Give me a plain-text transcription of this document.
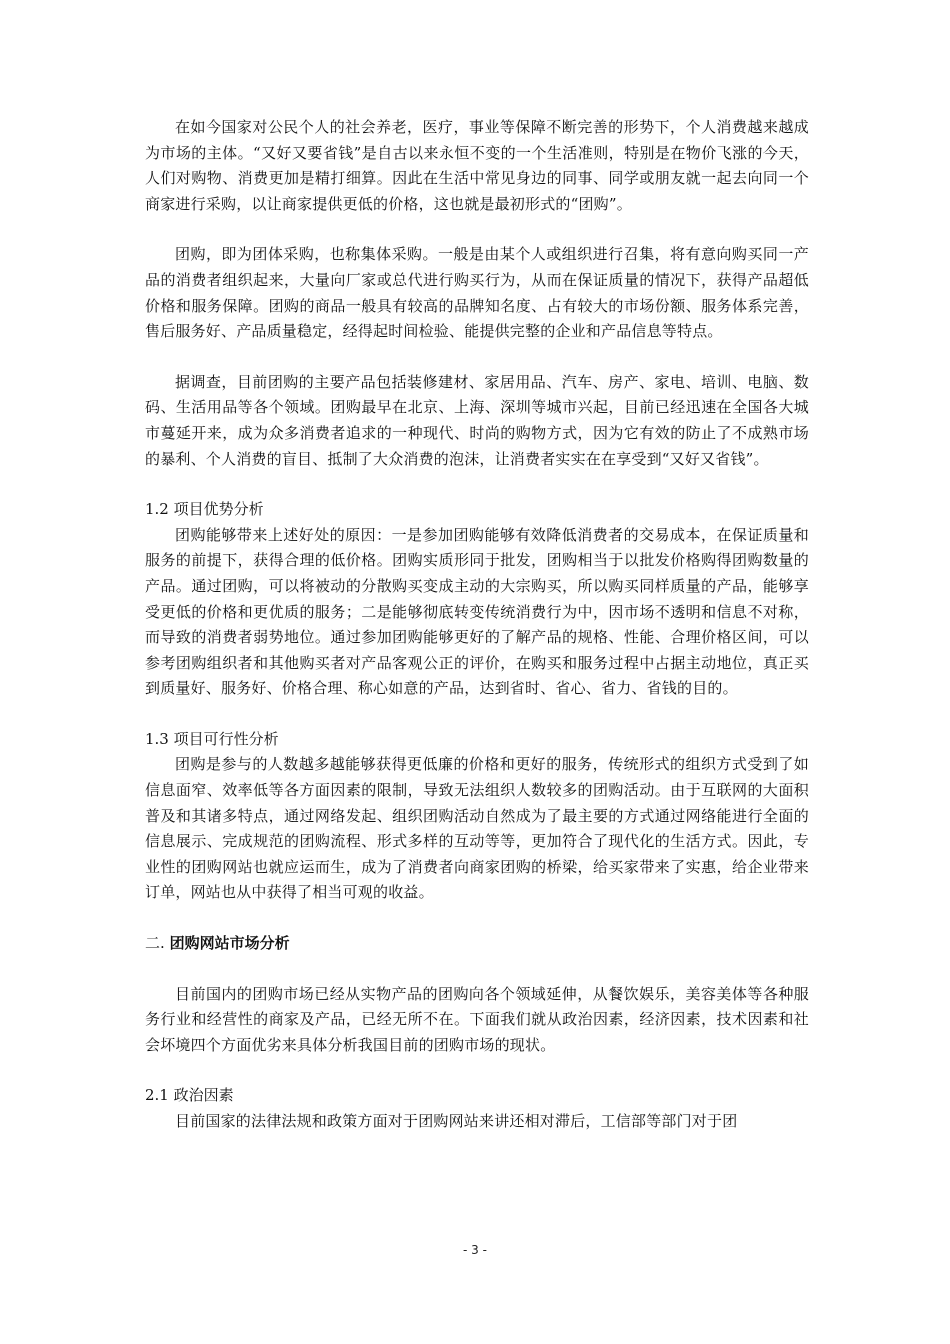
在如今国家对公民个人的社会养老，医疗，事业等保障不断完善的形势下，个人消费越来越成为市场的主体。“又好又要省钱”是自古以来永恒不变的一个生活准则，特别是在物价飞涨的今天，人们对购物、消费更加是精打细算。因此在生活中常见身边的同事、同学或朋友就一起去向同一个商家进行采购，以让商家提供更低的价格，这也就是最初形式的“团购”。

团购，即为团体采购，也称集体采购。一般是由某个人或组织进行召集，将有意向购买同一产品的消费者组织起来，大量向厂家或总代进行购买行为，从而在保证质量的情况下，获得产品超低价格和服务保障。团购的商品一般具有较高的品牌知名度、占有较大的市场份额、服务体系完善，售后服务好、产品质量稳定，经得起时间检验、能提供完整的企业和产品信息等特点。

据调查，目前团购的主要产品包括装修建材、家居用品、汽车、房产、家电、培训、电脑、数码、生活用品等各个领域。团购最早在北京、上海、深圳等城市兴起，目前已经迅速在全国各大城市蔓延开来，成为众多消费者追求的一种现代、时尚的购物方式，因为它有效的防止了不成熟市场的暴利、个人消费的盲目、抵制了大众消费的泡沫，让消费者实实在在享受到“又好又省钱”。

1.2 项目优势分析

团购能够带来上述好处的原因：一是参加团购能够有效降低消费者的交易成本，在保证质量和服务的前提下，获得合理的低价格。团购实质形同于批发，团购相当于以批发价格购得团购数量的产品。通过团购，可以将被动的分散购买变成主动的大宗购买，所以购买同样质量的产品，能够享受更低的价格和更优质的服务；二是能够彻底转变传统消费行为中，因市场不透明和信息不对称，而导致的消费者弱势地位。通过参加团购能够更好的了解产品的规格、性能、合理价格区间，可以参考团购组织者和其他购买者对产品客观公正的评价，在购买和服务过程中占据主动地位，真正买到质量好、服务好、价格合理、称心如意的产品，达到省时、省心、省力、省钱的目的。

1.3 项目可行性分析

团购是参与的人数越多越能够获得更低廉的价格和更好的服务，传统形式的组织方式受到了如信息面窄、效率低等各方面因素的限制，导致无法组织人数较多的团购活动。由于互联网的大面积普及和其诸多特点，通过网络发起、组织团购活动自然成为了最主要的方式通过网络能进行全面的信息展示、完成规范的团购流程、形式多样的互动等等，更加符合了现代化的生活方式。因此，专业性的团购网站也就应运而生，成为了消费者向商家团购的桥梁，给买家带来了实惠，给企业带来订单，网站也从中获得了相当可观的收益。

二. 团购网站市场分析

目前国内的团购市场已经从实物产品的团购向各个领域延伸，从餐饮娱乐，美容美体等各种服务行业和经营性的商家及产品，已经无所不在。下面我们就从政治因素，经济因素，技术因素和社会坏境四个方面优劣来具体分析我国目前的团购市场的现状。

2.1 政治因素

目前国家的法律法规和政策方面对于团购网站来讲还相对滞后，工信部等部门对于团

- 3 -
